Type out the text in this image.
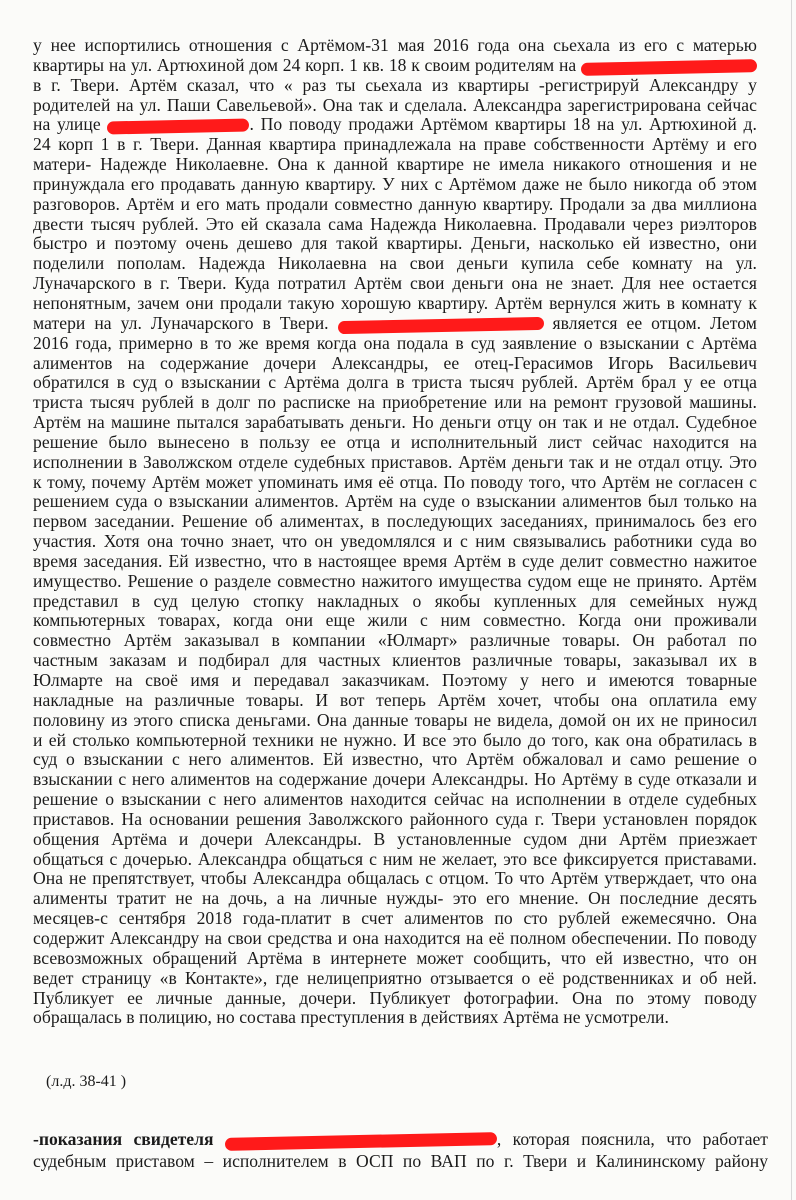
у нее испортились отношения с Артёмом-31 мая 2016 года она сьехала из его с матерью
квартиры на ул. Артюхиной дом 24 корп. 1 кв. 18 к своим родителям на
в г. Твери. Артём сказал, что « раз ты сьехала из квартиры -регистрируй Александру у
родителей на ул. Паши Савельевой». Она так и сделала. Александра зарегистрирована сейчас
на улице	. По поводу продажи Артёмом квартиры 18 на ул. Артюхиной д.
24 корп 1 в г. Твери. Данная квартира принадлежала на праве собственности Артёму и его
матери- Надежде Николаевне. Она к данной квартире не имела никакого отношения и не
принуждала его продавать данную квартиру. У них с Артёмом даже не было никогда об этом
разговоров. Артём и его мать продали совместно данную квартиру. Продали за два миллиона
двести тысяч рублей. Это ей сказала сама Надежда Николаевна. Продавали через риэлторов
быстро и поэтому очень дешево для такой квартиры. Деньги, насколько ей известно, они
поделили пополам. Надежда Николаевна на свои деньги купила себе комнату на ул.
Луначарского в г. Твери. Куда потратил Артём свои деньги она не знает. Для нее остается
непонятным, зачем они продали такую хорошую квартиру. Артём вернулся жить в комнату к
матери на ул. Луначарского в Твери.	является ее отцом. Летом
2016 года, примерно в то же время когда она подала в суд заявление о взыскании с Артёма
алиментов на содержание дочери Александры, ее отец-Герасимов Игорь Васильевич
обратился в суд о взыскании с Артёма долга в триста тысяч рублей. Артём брал у ее отца
триста тысяч рублей в долг по расписке на приобретение или на ремонт грузовой машины.
Артём на машине пытался зарабатывать деньги. Но деньги отцу он так и не отдал. Судебное
решение было вынесено в пользу ее отца и исполнительный лист сейчас находится на
исполнении в Заволжском отделе судебных приставов. Артём деньги так и не отдал отцу. Это
к тому, почему Артём может упоминать имя её отца. По поводу того, что Артём не согласен с
решением суда о взыскании алиментов. Артём на суде о взыскании алиментов был только на
первом заседании. Решение об алиментах, в последующих заседаниях, принималось без его
участия. Хотя она точно знает, что он уведомлялся и с ним связывались работники суда во
время заседания. Ей известно, что в настоящее время Артём в суде делит совместно нажитое
имущество. Решение о разделе совместно нажитого имущества судом еще не принято. Артём
представил в суд целую стопку накладных о якобы купленных для семейных нужд
компьютерных товарах, когда они еще жили с ним совместно. Когда они проживали
совместно Артём заказывал в компании «Юлмарт» различные товары. Он работал по
частным заказам и подбирал для частных клиентов различные товары, заказывал их в
Юлмарте на своё имя и передавал заказчикам. Поэтому у него и имеются товарные
накладные на различные товары. И вот теперь Артём хочет, чтобы она оплатила ему
половину из этого списка деньгами. Она данные товары не видела, домой он их не приносил
и ей столько компьютерной техники не нужно. И все это было до того, как она обратилась в
суд о взыскании с него алиментов. Ей известно, что Артём обжаловал и само решение о
взыскании с него алиментов на содержание дочери Александры. Но Артёму в суде отказали и
решение о взыскании с него алиментов находится сейчас на исполнении в отделе судебных
приставов. На основании решения Заволжского районного суда г. Твери установлен порядок
общения Артёма и дочери Александры. В установленные судом дни Артём приезжает
общаться с дочерью. Александра общаться с ним не желает, это все фиксируется приставами.
Она не препятствует, чтобы Александра общалась с отцом. То что Артём утверждает, что она
алименты тратит не на дочь, а на личные нужды- это его мнение. Он последние десять
месяцев-с сентября 2018 года-платит в счет алиментов по сто рублей ежемесячно. Она
содержит Александру на свои средства и она находится на её полном обеспечении. По поводу
всевозможных обращений Артёма в интернете может сообщить, что ей известно, что он
ведет страницу «в Контакте», где нелицеприятно отзывается о её родственниках и об ней.
Публикует ее личные данные, дочери. Публикует фотографии. Она по этому поводу
обращалась в полицию, но состава преступления в действиях Артёма не усмотрели.
(л.д. 38-41 )
-показания свидетеля	, которая пояснила, что работает
судебным приставом – исполнителем в ОСП по ВАП по г. Твери и Калининскому району
